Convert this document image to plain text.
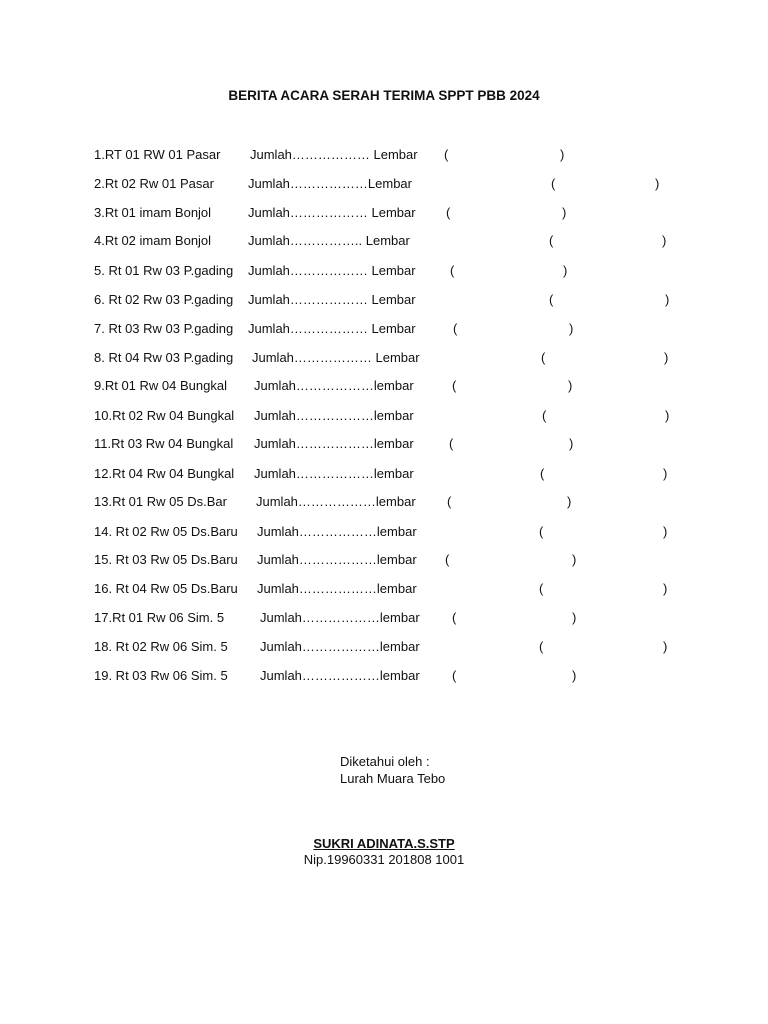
BERITA ACARA SERAH TERIMA SPPT PBB 2024
1.RT 01 RW 01 Pasar Jumlah……………… Lembar (	)
2.Rt 02 Rw 01 Pasar	Jumlah………………Lembar	(	)
3.Rt 01 imam Bonjol	Jumlah……………… Lembar (	)
4.Rt 02 imam Bonjol	Jumlah…………….. Lembar	(	)
5. Rt 01 Rw 03 P.gading Jumlah……………… Lembar	(	)
6. Rt 02 Rw 03 P.gading Jumlah……………… Lembar	(	)
7. Rt 03 Rw 03 P.gading Jumlah……………… Lembar	(	)
8. Rt 04 Rw 03 P.gading Jumlah……………… Lembar	(	)
9.Rt 01 Rw 04 Bungkal Jumlah………………lembar	(	)
10.Rt 02 Rw 04 Bungkal Jumlah………………lembar	(	)
11.Rt 03 Rw 04 Bungkal Jumlah………………lembar	(	)
12.Rt 04 Rw 04 Bungkal Jumlah………………lembar	(	)
13.Rt 01 Rw 05 Ds.Bar Jumlah………………lembar (	)
14. Rt 02 Rw 05 Ds.Baru Jumlah………………lembar	(	)
15. Rt 03 Rw 05 Ds.Baru Jumlah………………lembar (	)
16. Rt 04 Rw 05 Ds.Baru Jumlah………………lembar	(	)
17.Rt 01 Rw 06 Sim. 5	Jumlah………………lembar (	)
18. Rt 02 Rw 06 Sim. 5 Jumlah………………lembar	(	)
19. Rt 03 Rw 06 Sim. 5 Jumlah………………lembar (	)
Diketahui oleh :
Lurah Muara Tebo
SUKRI ADINATA.S.STP
Nip.19960331 201808 1001
